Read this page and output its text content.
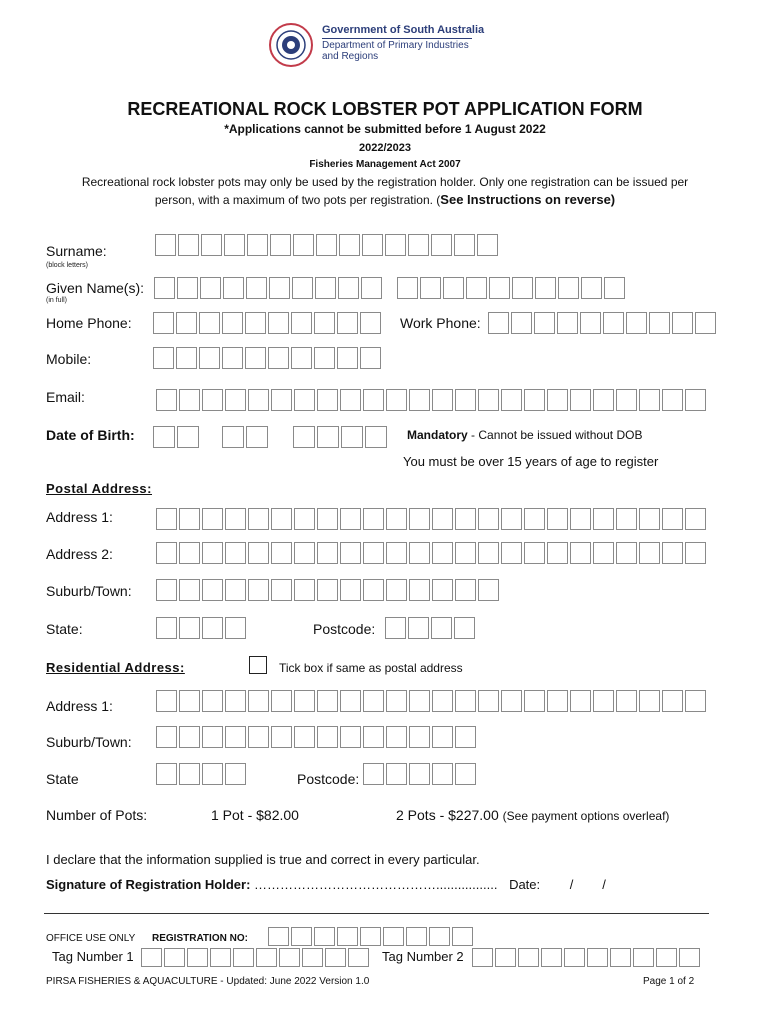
Government of South Australia
Department of Primary Industries
and Regions
RECREATIONAL ROCK LOBSTER POT APPLICATION FORM
*Applications cannot be submitted before 1 August 2022
2022/2023
Fisheries Management Act 2007
Recreational rock lobster pots may only be used by the registration holder. Only one registration can be issued per
person, with a maximum of two pots per registration. (See Instructions on reverse)
Surname:
(block letters)
Given Name(s):
(in full)
Home Phone:	Work Phone:
Mobile:
Email:
Date of Birth:	Mandatory - Cannot be issued without DOB
You must be over 15 years of age to register
Postal Address:
Address 1:
Address 2:
Suburb/Town:
State:	Postcode:
Residential Address:	Tick box if same as postal address
Address 1:
Suburb/Town:
State	Postcode:
Number of Pots:	1 Pot - $82.00	2 Pots - $227.00 (See payment options overleaf)
I declare that the information supplied is true and correct in every particular.
Signature of Registration Holder: ……………………………………................. Date: /        /
OFFICE USE ONLY REGISTRATION NO:
Tag Number 1	Tag Number 2
PIRSA FISHERIES & AQUACULTURE - Updated: June 2022 Version 1.0	Page 1 of 2
